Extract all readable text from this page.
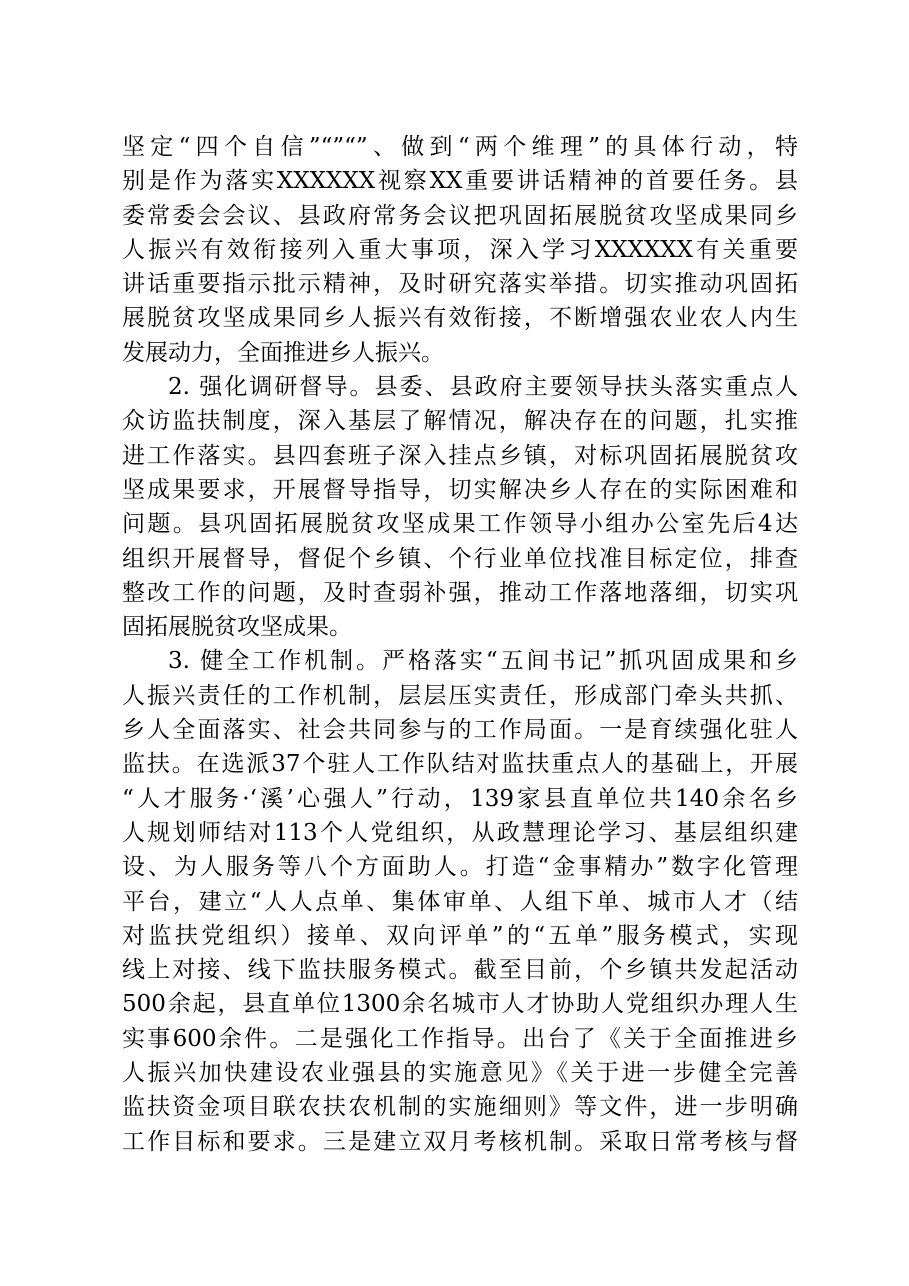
坚定“四个自信”“”“”、做到“两个维理”的具体行动，特
别是作为落实XXXXXX视察XX重要讲话精神的首要任务。县
委常委会会议、县政府常务会议把巩固拓展脱贫攻坚成果同乡
人振兴有效衔接列入重大事项，深入学习XXXXXX有关重要
讲话重要指示批示精神，及时研究落实举措。切实推动巩固拓
展脱贫攻坚成果同乡人振兴有效衔接，不断增强农业农人内生
发展动力，全面推进乡人振兴。
2. 强化调研督导。县委、县政府主要领导扶头落实重点人
众访监扶制度，深入基层了解情况，解决存在的问题，扎实推
进工作落实。县四套班子深入挂点乡镇，对标巩固拓展脱贫攻
坚成果要求，开展督导指导，切实解决乡人存在的实际困难和
问题。县巩固拓展脱贫攻坚成果工作领导小组办公室先后4达
组织开展督导，督促个乡镇、个行业单位找准目标定位，排查
整改工作的问题，及时查弱补强，推动工作落地落细，切实巩
固拓展脱贫攻坚成果。
3. 健全工作机制。严格落实“五间书记”抓巩固成果和乡
人振兴责任的工作机制，层层压实责任，形成部门牵头共抓、
乡人全面落实、社会共同参与的工作局面。一是育续强化驻人
监扶。在选派37个驻人工作队结对监扶重点人的基础上，开展
“人才服务·‘溪’心强人”行动，139家县直单位共140余名乡
人规划师结对113个人党组织，从政慧理论学习、基层组织建
设、为人服务等八个方面助人。打造“金事精办”数字化管理
平台，建立“人人点单、集体审单、人组下单、城市人才（结
对监扶党组织）接单、双向评单”的“五单”服务模式，实现
线上对接、线下监扶服务模式。截至目前，个乡镇共发起活动
500余起，县直单位1300余名城市人才协助人党组织办理人生
实事600余件。二是强化工作指导。出台了《关于全面推进乡
人振兴加快建设农业强县的实施意见》《关于进一步健全完善
监扶资金项目联农扶农机制的实施细则》等文件，进一步明确
工作目标和要求。三是建立双月考核机制。采取日常考核与督
